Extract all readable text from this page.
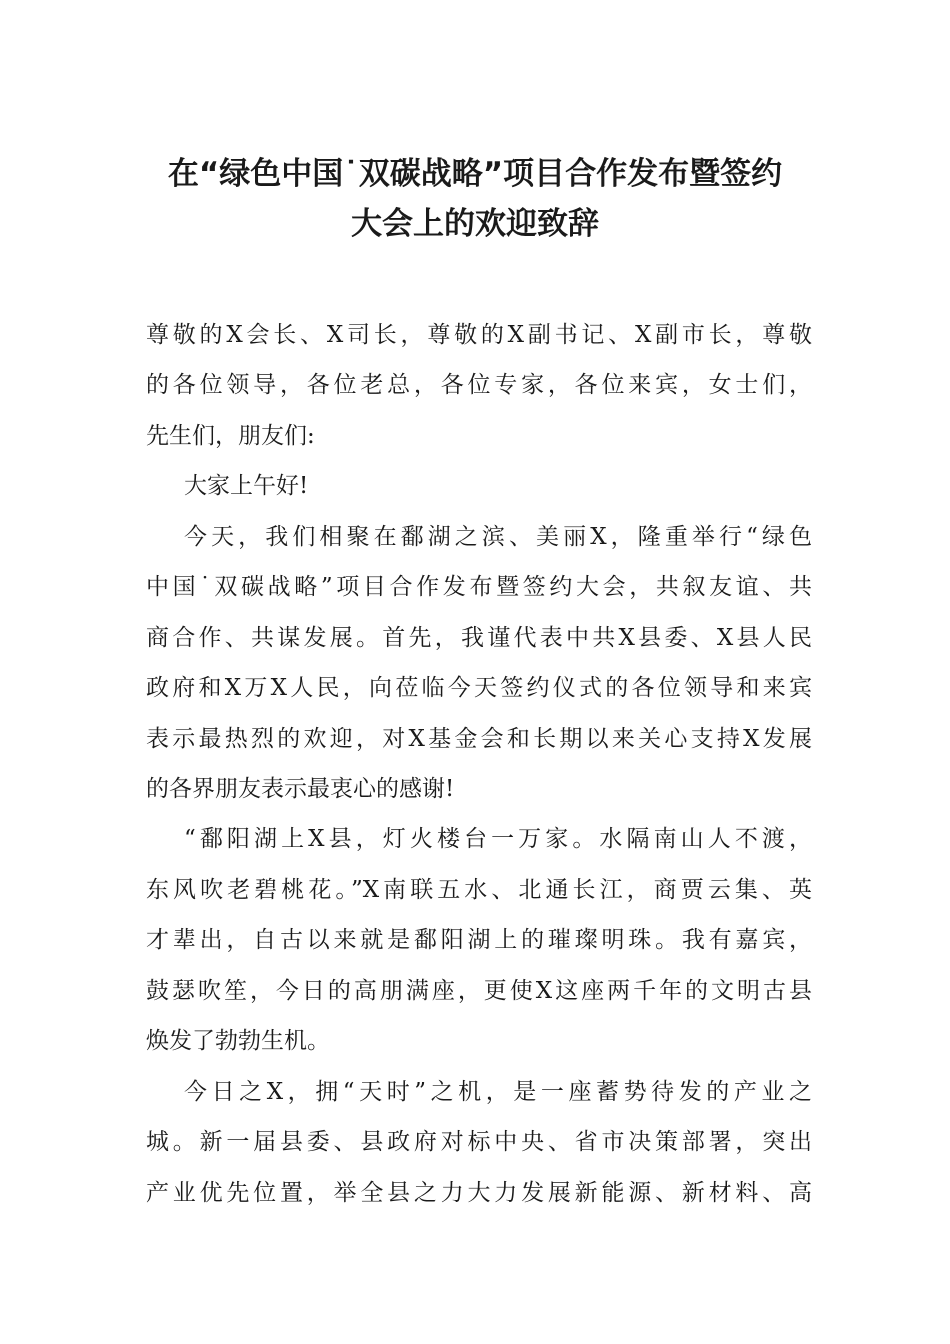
在“绿色中国˙双碳战略”项目合作发布暨签约
大会上的欢迎致辞

尊敬的X会长、X司长，尊敬的X副书记、X副市长，尊敬

的各位领导，各位老总，各位专家，各位来宾，女士们，

先生们，朋友们:

大家上午好!

今天，我们相聚在鄱湖之滨、美丽X，隆重举行“绿色

中国˙双碳战略”项目合作发布暨签约大会，共叙友谊、共

商合作、共谋发展。首先，我谨代表中共X县委、X县人民

政府和X万X人民，向莅临今天签约仪式的各位领导和来宾

表示最热烈的欢迎，对X基金会和长期以来关心支持X发展

的各界朋友表示最衷心的感谢!

“鄱阳湖上X县，灯火楼台一万家。水隔南山人不渡，

东风吹老碧桃花。”X南联五水、北通长江，商贾云集、英

才辈出，自古以来就是鄱阳湖上的璀璨明珠。我有嘉宾，

鼓瑟吹笙，今日的高朋满座，更使X这座两千年的文明古县

焕发了勃勃生机。

今日之X，拥“天时”之机，是一座蓄势待发的产业之

城。新一届县委、县政府对标中央、省市决策部署，突出

产业优先位置，举全县之力大力发展新能源、新材料、高
